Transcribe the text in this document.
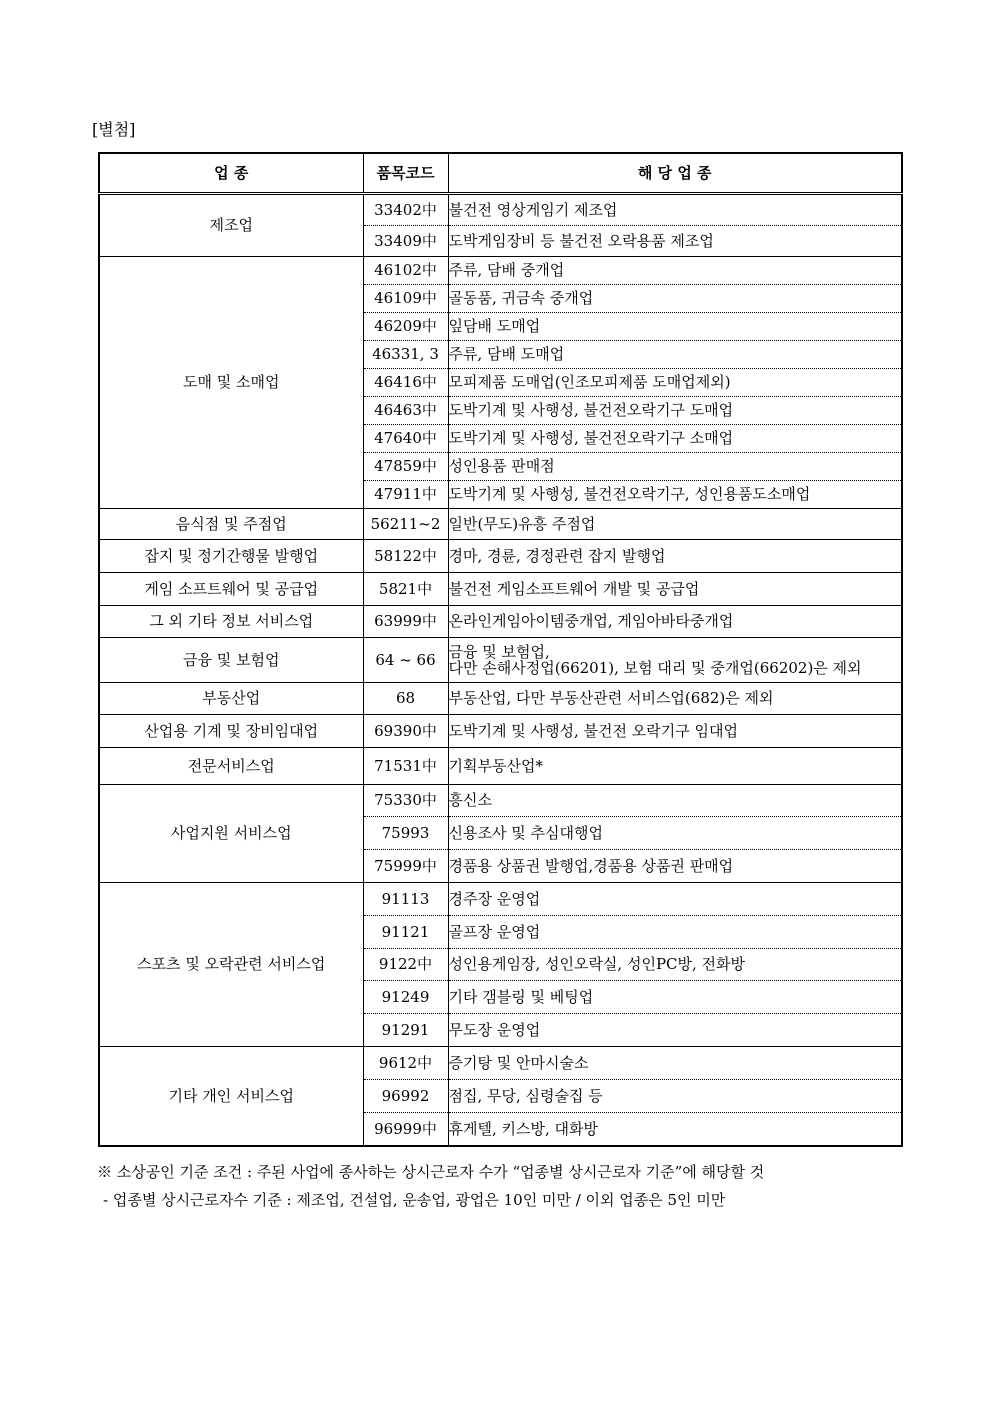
[별첨]
업 종	품목코드	해 당 업 종
제조업	33402中	불건전 영상게임기 제조업
	33409中	도박게임장비 등 불건전 오락용품 제조업
도매 및 소매업	46102中	주류, 담배 중개업
	46109中	골동품, 귀금속 중개업
	46209中	잎담배 도매업
	46331, 3	주류, 담배 도매업
	46416中	모피제품 도매업(인조모피제품 도매업제외)
	46463中	도박기계 및 사행성, 불건전오락기구 도매업
	47640中	도박기계 및 사행성, 불건전오락기구 소매업
	47859中	성인용품 판매점
	47911中	도박기계 및 사행성, 불건전오락기구, 성인용품도소매업
음식점 및 주점업	56211~2	일반(무도)유흥 주점업
잡지 및 정기간행물 발행업	58122中	경마, 경륜, 경정관련 잡지 발행업
게임 소프트웨어 및 공급업	5821中	불건전 게임소프트웨어 개발 및 공급업
그 외 기타 정보 서비스업	63999中	온라인게임아이템중개업, 게임아바타중개업
금융 및 보험업	64 ~ 66	금융 및 보험업,
다만 손해사정업(66201), 보험 대리 및 중개업(66202)은 제외

부동산업	68	부동산업, 다만 부동산관련 서비스업(682)은 제외
산업용 기계 및 장비임대업	69390中	도박기계 및 사행성, 불건전 오락기구 임대업
전문서비스업	71531中	기획부동산업*
사업지원 서비스업	75330中	흥신소
	75993	신용조사 및 추심대행업
	75999中	경품용 상품권 발행업,경품용 상품권 판매업
스포츠 및 오락관련 서비스업	91113	경주장 운영업
	91121	골프장 운영업
	9122中	성인용게임장, 성인오락실, 성인PC방, 전화방
	91249	기타 갬블링 및 베팅업
	91291	무도장 운영업
기타 개인 서비스업	9612中	증기탕 및 안마시술소
	96992	점집, 무당, 심령술집 등
	96999中	휴게텔, 키스방, 대화방
※ 소상공인 기준 조건 : 주된 사업에 종사하는 상시근로자 수가 “업종별 상시근로자 기준”에 해당할 것
- 업종별 상시근로자수 기준 : 제조업, 건설업, 운송업, 광업은 10인 미만 / 이외 업종은 5인 미만
